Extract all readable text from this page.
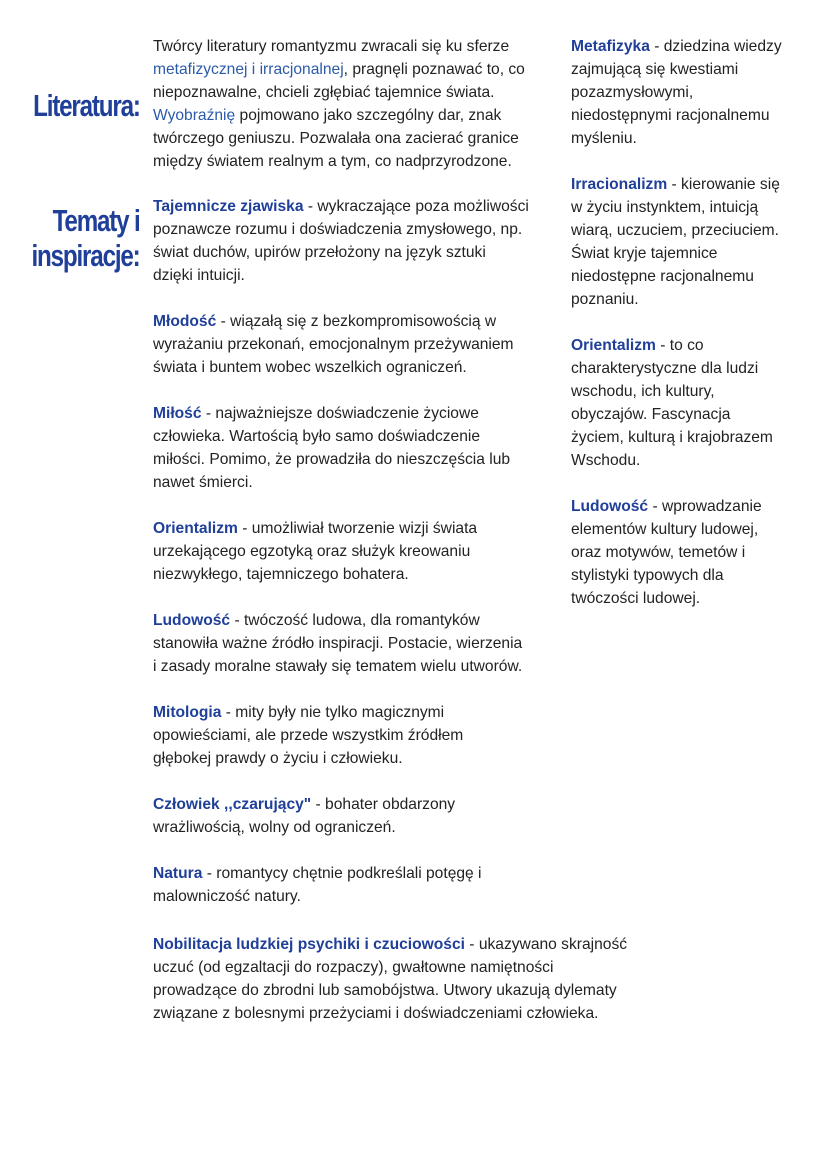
Literatura:
Tematy i
inspiracje:

Twórcy literatury romantyzmu zwracali się ku sferze
metafizycznej i irracjonalnej, pragnęli poznawać to, co
niepoznawalne, chcieli zgłębiać tajemnice świata.
Wyobraźnię pojmowano jako szczególny dar, znak
twórczego geniuszu. Pozwalała ona zacierać granice
między światem realnym a tym, co nadprzyrodzone.

Tajemnicze zjawiska - wykraczające poza możliwości
poznawcze rozumu i doświadczenia zmysłowego, np.
świat duchów, upirów przełożony na język sztuki
dzięki intuicji.

Młodość - wiązałą się z bezkompromisowością w
wyrażaniu przekonań, emocjonalnym przeżywaniem
świata i buntem wobec wszelkich ograniczeń.

Miłość - najważniejsze doświadczenie życiowe
człowieka. Wartością było samo doświadczenie
miłości. Pomimo, że prowadziła do nieszczęścia lub
nawet śmierci.

Orientalizm - umożliwiał tworzenie wizji świata
urzekającego egzotyką oraz służyk kreowaniu
niezwykłego, tajemniczego bohatera.

Ludowość - twóczość ludowa, dla romantyków
stanowiła ważne źródło inspiracji. Postacie, wierzenia
i zasady moralne stawały się tematem wielu utworów.

Mitologia - mity były nie tylko magicznymi
opowieściami, ale przede wszystkim źródłem
głębokej prawdy o życiu i człowieku.

Człowiek ,,czarujący" - bohater obdarzony
wrażliwością, wolny od ograniczeń.

Natura - romantycy chętnie podkreślali potęgę i
malowniczość natury.

Nobilitacja ludzkiej psychiki i czuciowości - ukazywano skrajność
uczuć (od egzaltacji do rozpaczy), gwałtowne namiętności
prowadzące do zbrodni lub samobójstwa. Utwory ukazują dylematy
związane z bolesnymi przeżyciami i doświadczeniami człowieka.

Metafizyka - dziedzina wiedzy
zajmującą się kwestiami
pozazmysłowymi,
niedostępnymi racjonalnemu
myśleniu.

Irracionalizm - kierowanie się
w życiu instynktem, intuicją
wiarą, uczuciem, przeciuciem.
Świat kryje tajemnice
niedostępne racjonalnemu
poznaniu.

Orientalizm - to co
charakterystyczne dla ludzi
wschodu, ich kultury,
obyczajów. Fascynacja
życiem, kulturą i krajobrazem
Wschodu.

Ludowość - wprowadzanie
elementów kultury ludowej,
oraz motywów, temetów i
stylistyki typowych dla
twóczości ludowej.
